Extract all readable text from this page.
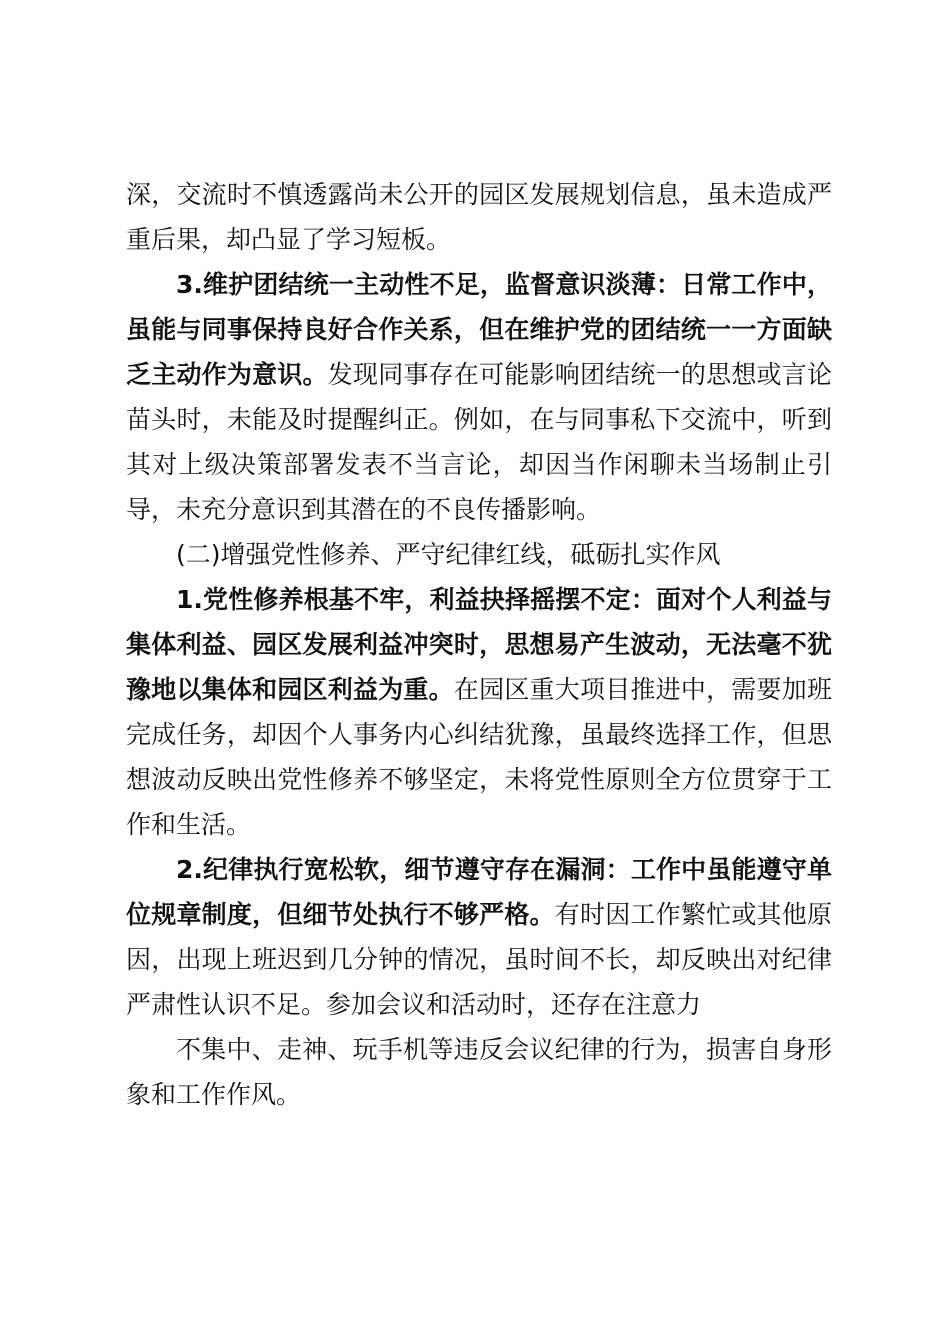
深，交流时不慎透露尚未公开的园区发展规划信息，虽未造成严重后果，却凸显了学习短板。

3.维护团结统一主动性不足，监督意识淡薄：日常工作中，虽能与同事保持良好合作关系，但在维护党的团结统一一方面缺乏主动作为意识。发现同事存在可能影响团结统一的思想或言论苗头时，未能及时提醒纠正。例如，在与同事私下交流中，听到其对上级决策部署发表不当言论，却因当作闲聊未当场制止引导，未充分意识到其潜在的不良传播影响。

(二)增强党性修养、严守纪律红线，砥砺扎实作风

1.党性修养根基不牢，利益抉择摇摆不定：面对个人利益与集体利益、园区发展利益冲突时，思想易产生波动，无法毫不犹豫地以集体和园区利益为重。在园区重大项目推进中，需要加班完成任务，却因个人事务内心纠结犹豫，虽最终选择工作，但思想波动反映出党性修养不够坚定，未将党性原则全方位贯穿于工作和生活。

2.纪律执行宽松软，细节遵守存在漏洞：工作中虽能遵守单位规章制度，但细节处执行不够严格。有时因工作繁忙或其他原因，出现上班迟到几分钟的情况，虽时间不长，却反映出对纪律严肃性认识不足。参加会议和活动时，还存在注意力

不集中、走神、玩手机等违反会议纪律的行为，损害自身形象和工作作风。
